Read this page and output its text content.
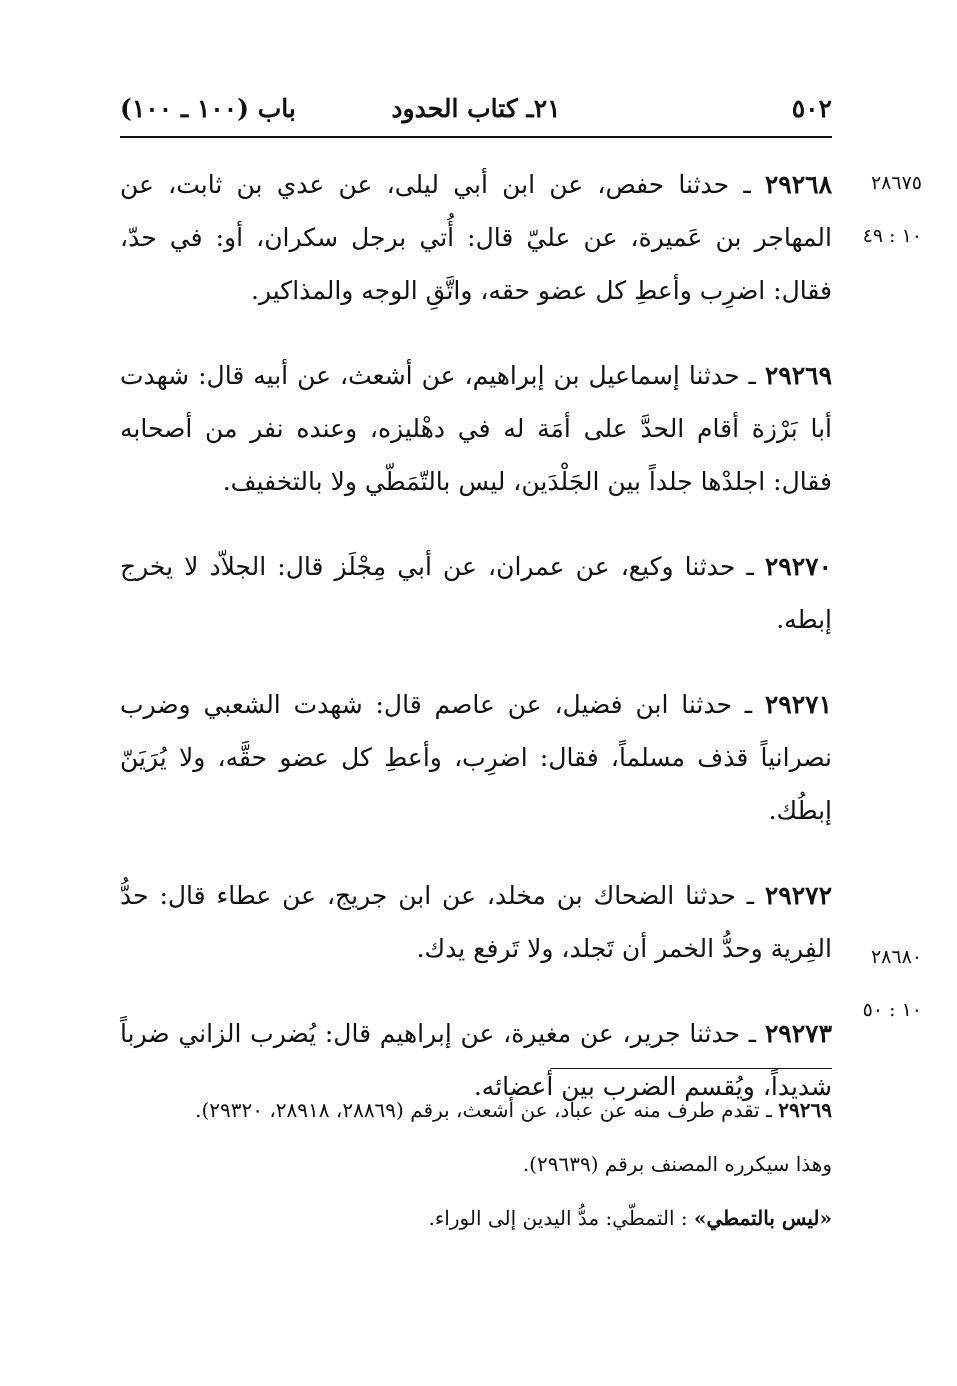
٥٠٢
٢١ـ كتاب الحدود
باب (١٠٠ ـ ١٠٠)
٢٨٦٧٥
١٠ : ٤٩
٢٨٦٨٠
١٠ : ٥٠

٢٩٢٦٨ ـ حدثنا حفص، عن ابن أبي ليلى، عن عدي بن ثابت، عن المهاجر بن عَميرة، عن عليّ قال: أُتي برجل سكران، أو: في حدّ، فقال: اضرِب وأعطِ كل عضو حقه، واتَّقِ الوجه والمذاكير.

٢٩٢٦٩ ـ حدثنا إسماعيل بن إبراهيم، عن أشعث، عن أبيه قال: شهدت أبا بَرْزة أقام الحدَّ على أمَة له في دهْليزه، وعنده نفر من أصحابه فقال: اجلدْها جلداً بين الجَلْدَين، ليس بالتّمَطّي ولا بالتخفيف.

٢٩٢٧٠ ـ حدثنا وكيع، عن عمران، عن أبي مِجْلَز قال: الجلاّد لا يخرج إبطه.

٢٩٢٧١ ـ حدثنا ابن فضيل، عن عاصم قال: شهدت الشعبي وضرب نصرانياً قذف مسلماً، فقال: اضرِب، وأعطِ كل عضو حقَّه، ولا يُرَيَنّ إبطُك.

٢٩٢٧٢ ـ حدثنا الضحاك بن مخلد، عن ابن جريج، عن عطاء قال: حدُّ الفِرية وحدُّ الخمر أن تَجلد، ولا تَرفع يدك.

٢٩٢٧٣ ـ حدثنا جرير، عن مغيرة، عن إبراهيم قال: يُضرب الزاني ضرباً شديداً، ويُقسم الضرب بين أعضائه.

٢٩٢٦٩ ـ تقدم طرف منه عن عباد، عن أشعث، برقم (٢٨٨٦٩، ٢٨٩١٨، ٢٩٣٢٠).

وهذا سيكرره المصنف برقم (٢٩٦٣٩).

«ليس بالتمطي» : التمطّي: مدُّ اليدين إلى الوراء.
